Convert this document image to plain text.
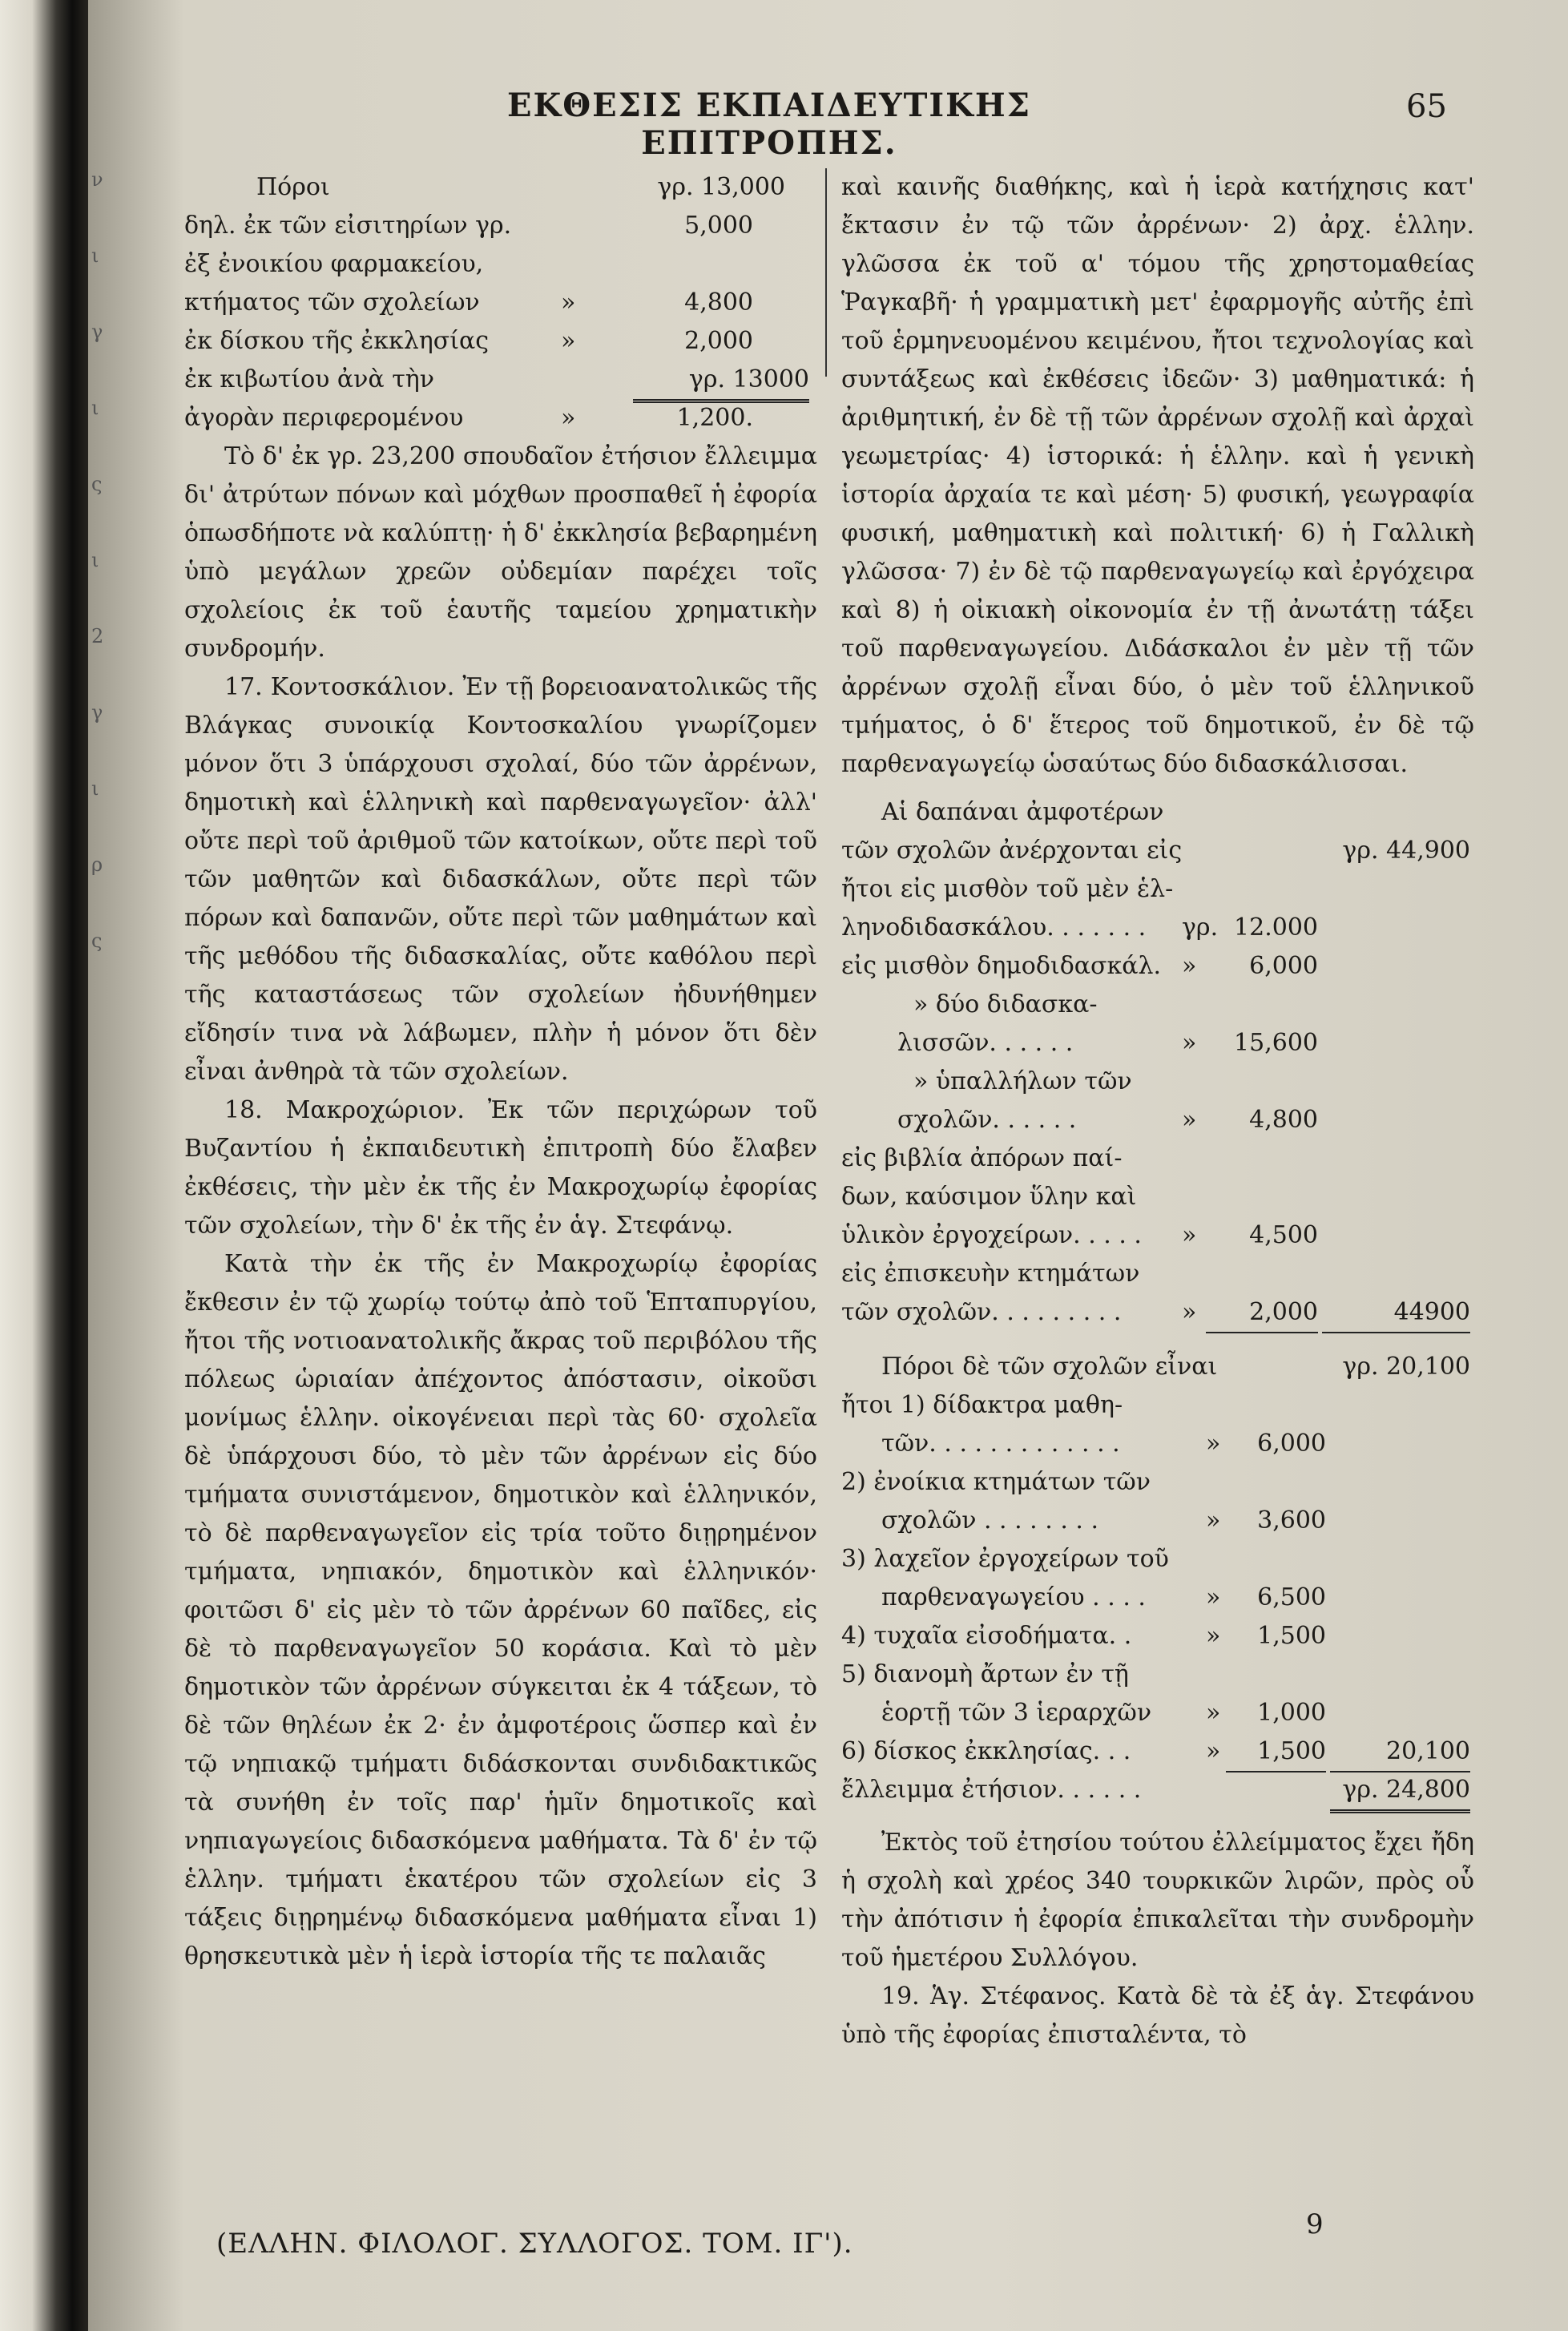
ν
ι
γ
ι
ς
ι
2
γ
ι
ρ
ς
ΕΚΘΕΣΙΣ ΕΚΠΑΙΔΕΥΤΙΚΗΣ ΕΠΙΤΡΟΠΗΣ.
65
Πόροι	γρ. 13,000
δηλ. ἐκ τῶν εἰσιτηρίων γρ.	5,000
ἐξ ἐνοικίου φαρμακείου,
κτήματος τῶν σχολείων	»	4,800
ἐκ δίσκου τῆς ἐκκλησίας	»	2,000
ἐκ κιβωτίου ἀνὰ τὴν	γρ. 13000
ἀγορὰν περιφερομένου	»	1,200.

Τὸ δ' ἐκ γρ. 23,200 σπουδαῖον ἐτήσιον ἔλλειμμα δι' ἀτρύτων πόνων καὶ μόχθων προσπαθεῖ ἡ ἐφορία ὁπωσδήποτε νὰ καλύπτῃ· ἡ δ' ἐκκλησία βεβαρημένη ὑπὸ μεγάλων χρεῶν οὐδεμίαν παρέχει τοῖς σχολείοις ἐκ τοῦ ἑαυτῆς ταμείου χρηματικὴν συνδρομήν.

17. Κοντοσκάλιον. Ἐν τῇ βορειοανατολικῶς τῆς Βλάγκας συνοικίᾳ Κοντοσκαλίου γνωρίζομεν μόνον ὅτι 3 ὑπάρχουσι σχολαί, δύο τῶν ἀρρένων, δημοτικὴ καὶ ἑλληνικὴ καὶ παρθεναγωγεῖον· ἀλλ' οὔτε περὶ τοῦ ἀριθμοῦ τῶν κατοίκων, οὔτε περὶ τοῦ τῶν μαθητῶν καὶ διδασκάλων, οὔτε περὶ τῶν πόρων καὶ δαπανῶν, οὔτε περὶ τῶν μαθημάτων καὶ τῆς μεθόδου τῆς διδασκαλίας, οὔτε καθόλου περὶ τῆς καταστάσεως τῶν σχολείων ἠδυνήθημεν εἴδησίν τινα νὰ λάβωμεν, πλὴν ἡ μόνον ὅτι δὲν εἶναι ἀνθηρὰ τὰ τῶν σχολείων.

18. Μακροχώριον. Ἐκ τῶν περιχώρων τοῦ Βυζαντίου ἡ ἐκπαιδευτικὴ ἐπιτροπὴ δύο ἔλαβεν ἐκθέσεις, τὴν μὲν ἐκ τῆς ἐν Μακροχωρίῳ ἐφορίας τῶν σχολείων, τὴν δ' ἐκ τῆς ἐν ἁγ. Στεφάνῳ.

Κατὰ τὴν ἐκ τῆς ἐν Μακροχωρίῳ ἐφορίας ἔκθεσιν ἐν τῷ χωρίῳ τούτῳ ἀπὸ τοῦ Ἑπταπυργίου, ἤτοι τῆς νοτιοανατολικῆς ἄκρας τοῦ περιβόλου τῆς πόλεως ὡριαίαν ἀπέχοντος ἀπόστασιν, οἰκοῦσι μονίμως ἑλλην. οἰκογένειαι περὶ τὰς 60· σχολεῖα δὲ ὑπάρχουσι δύο, τὸ μὲν τῶν ἀρρένων εἰς δύο τμήματα συνιστάμενον, δημοτικὸν καὶ ἑλληνικόν, τὸ δὲ παρθεναγωγεῖον εἰς τρία τοῦτο διῃρημένον τμήματα, νηπιακόν, δημοτικὸν καὶ ἑλληνικόν· φοιτῶσι δ' εἰς μὲν τὸ τῶν ἀρρένων 60 παῖδες, εἰς δὲ τὸ παρθεναγωγεῖον 50 κοράσια. Καὶ τὸ μὲν δημοτικὸν τῶν ἀρρένων σύγκειται ἐκ 4 τάξεων, τὸ δὲ τῶν θηλέων ἐκ 2· ἐν ἀμφοτέροις ὥσπερ καὶ ἐν τῷ νηπιακῷ τμήματι διδάσκονται συνδιδακτικῶς τὰ συνήθη ἐν τοῖς παρ' ἡμῖν δημοτικοῖς καὶ νηπιαγωγείοις διδασκόμενα μαθήματα. Τὰ δ' ἐν τῷ ἑλλην. τμήματι ἑκατέρου τῶν σχολείων εἰς 3 τάξεις διῃρημένῳ διδασκόμενα μαθήματα εἶναι 1) θρησκευτικὰ μὲν ἡ ἱερὰ ἱστορία τῆς τε παλαιᾶς

καὶ καινῆς διαθήκης, καὶ ἡ ἱερὰ κατήχησις κατ' ἔκτασιν ἐν τῷ τῶν ἀρρένων· 2) ἀρχ. ἑλλην. γλῶσσα ἐκ τοῦ α' τόμου τῆς χρηστομαθείας Ῥαγκαβῆ· ἡ γραμματικὴ μετ' ἐφαρμογῆς αὐτῆς ἐπὶ τοῦ ἑρμηνευομένου κειμένου, ἤτοι τεχνολογίας καὶ συντάξεως καὶ ἐκθέσεις ἰδεῶν· 3) μαθηματικά: ἡ ἀριθμητική, ἐν δὲ τῇ τῶν ἀρρένων σχολῇ καὶ ἀρχαὶ γεωμετρίας· 4) ἱστορικά: ἡ ἑλλην. καὶ ἡ γενικὴ ἱστορία ἀρχαία τε καὶ μέση· 5) φυσική, γεωγραφία φυσική, μαθηματικὴ καὶ πολιτική· 6) ἡ Γαλλικὴ γλῶσσα· 7) ἐν δὲ τῷ παρθεναγωγείῳ καὶ ἐργόχειρα καὶ 8) ἡ οἰκιακὴ οἰκονομία ἐν τῇ ἀνωτάτῃ τάξει τοῦ παρθεναγωγείου. Διδάσκαλοι ἐν μὲν τῇ τῶν ἀρρένων σχολῇ εἶναι δύο, ὁ μὲν τοῦ ἑλληνικοῦ τμήματος, ὁ δ' ἕτερος τοῦ δημοτικοῦ, ἐν δὲ τῷ παρθεναγωγείῳ ὡσαύτως δύο διδασκάλισσαι.

Αἱ δαπάναι ἀμφοτέρων

τῶν σχολῶν ἀνέρχονται εἰς	γρ. 44,900
ἤτοι εἰς μισθὸν τοῦ μὲν ἑλ-
ληνοδιδασκάλου. . . . . . . γρ. 12.000
εἰς μισθὸν δημοδιδασκάλ. »	6,000
» δύο διδασκα-
λισσῶν. . . . . .	»	15,600
» ὑπαλλήλων τῶν
σχολῶν. . . . . .	»	4,800
εἰς βιβλία ἀπόρων παί-
δων, καύσιμον ὕλην καὶ
ὑλικὸν ἐργοχείρων. . . . . »	4,500
εἰς ἐπισκευὴν κτημάτων
τῶν σχολῶν. . . . . . . . .	»	2,000	44900
Πόροι δὲ τῶν σχολῶν εἶναι	γρ. 20,100
ἤτοι 1) δίδακτρα μαθη-
τῶν. . . . . . . . . . . . .	»	6,000
2) ἐνοίκια κτημάτων τῶν
σχολῶν . . . . . . . .	»	3,600
3) λαχεῖον ἐργοχείρων τοῦ
παρθεναγωγείου . . . .	»	6,500
4) τυχαῖα εἰσοδήματα. .	»	1,500
5) διανομὴ ἄρτων ἐν τῇ
ἑορτῇ τῶν 3 ἱεραρχῶν »	1,000
6) δίσκος ἐκκλησίας. . .	»	1,500	20,100
ἔλλειμμα ἐτήσιον. . . . . .	γρ. 24,800

Ἐκτὸς τοῦ ἐτησίου τούτου ἐλλείμματος ἔχει ἤδη ἡ σχολὴ καὶ χρέος 340 τουρκικῶν λιρῶν, πρὸς οὗ τὴν ἀπότισιν ἡ ἐφορία ἐπικαλεῖται τὴν συνδρομὴν τοῦ ἡμετέρου Συλλόγου.

19. Ἁγ. Στέφανος. Κατὰ δὲ τὰ ἐξ ἁγ. Στεφάνου ὑπὸ τῆς ἐφορίας ἐπισταλέντα, τὸ

(ΕΛΛΗΝ. ΦΙΛΟΛΟΓ. ΣΥΛΛΟΓΟΣ. ΤΟΜ. ΙΓ').
9
